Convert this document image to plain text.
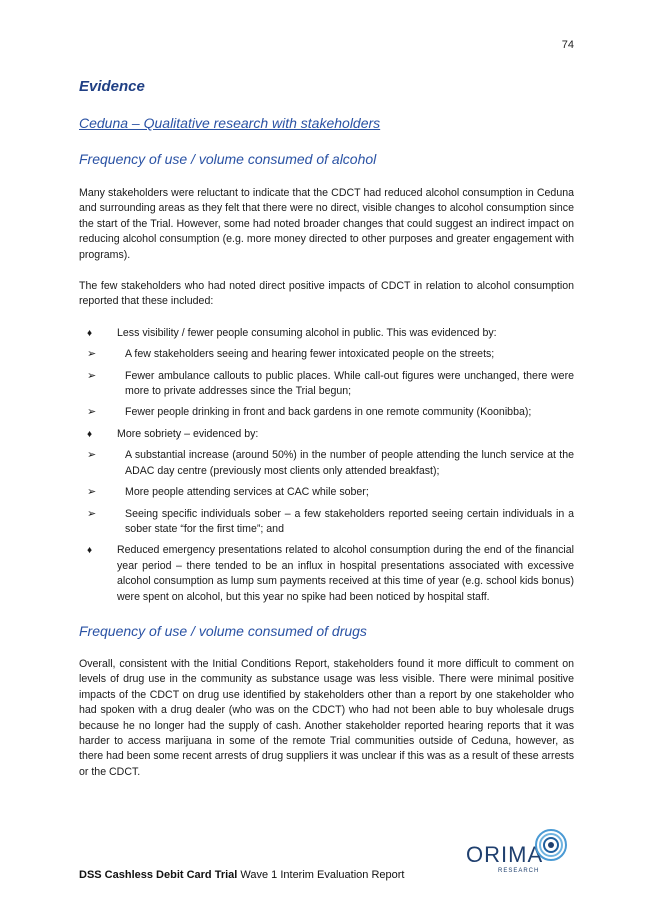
74
Evidence
Ceduna – Qualitative research with stakeholders
Frequency of use / volume consumed of alcohol

Many stakeholders were reluctant to indicate that the CDCT had reduced alcohol consumption in Ceduna and surrounding areas as they felt that there were no direct, visible changes to alcohol consumption since the start of the Trial. However, some had noted broader changes that could suggest an indirect impact on reducing alcohol consumption (e.g. more money directed to other purposes and greater engagement with programs).

The few stakeholders who had noted direct positive impacts of CDCT in relation to alcohol consumption reported that these included:

♦ Less visibility / fewer people consuming alcohol in public. This was evidenced by:
➢	A few stakeholders seeing and hearing fewer intoxicated people on the streets;
➢	Fewer ambulance callouts to public places. While call-out figures were unchanged, there were more to private addresses since the Trial begun;
➢	Fewer people drinking in front and back gardens in one remote community (Koonibba);
♦ More sobriety – evidenced by:
➢	A substantial increase (around 50%) in the number of people attending the lunch service at the ADAC day centre (previously most clients only attended breakfast);
➢	More people attending services at CAC while sober;
➢	Seeing specific individuals sober – a few stakeholders reported seeing certain individuals in a sober state “for the first time”; and
♦ Reduced emergency presentations related to alcohol consumption during the end of the financial year period – there tended to be an influx in hospital presentations associated with excessive alcohol consumption as lump sum payments received at this time of year (e.g. school kids bonus) were spent on alcohol, but this year no spike had been noticed by hospital staff.
Frequency of use / volume consumed of drugs

Overall, consistent with the Initial Conditions Report, stakeholders found it more difficult to comment on levels of drug use in the community as substance usage was less visible. There were minimal positive impacts of the CDCT on drug use identified by stakeholders other than a report by one stakeholder who had spoken with a drug dealer (who was on the CDCT) who had not been able to buy wholesale drugs because he no longer had the supply of cash. Another stakeholder reported hearing reports that it was harder to access marijuana in some of the remote Trial communities outside of Ceduna, however, as there had been some recent arrests of drug suppliers it was unclear if this was as a result of these arrests or the CDCT.

DSS Cashless Debit Card Trial Wave 1 Interim Evaluation Report
ORIMA
RESEARCH
